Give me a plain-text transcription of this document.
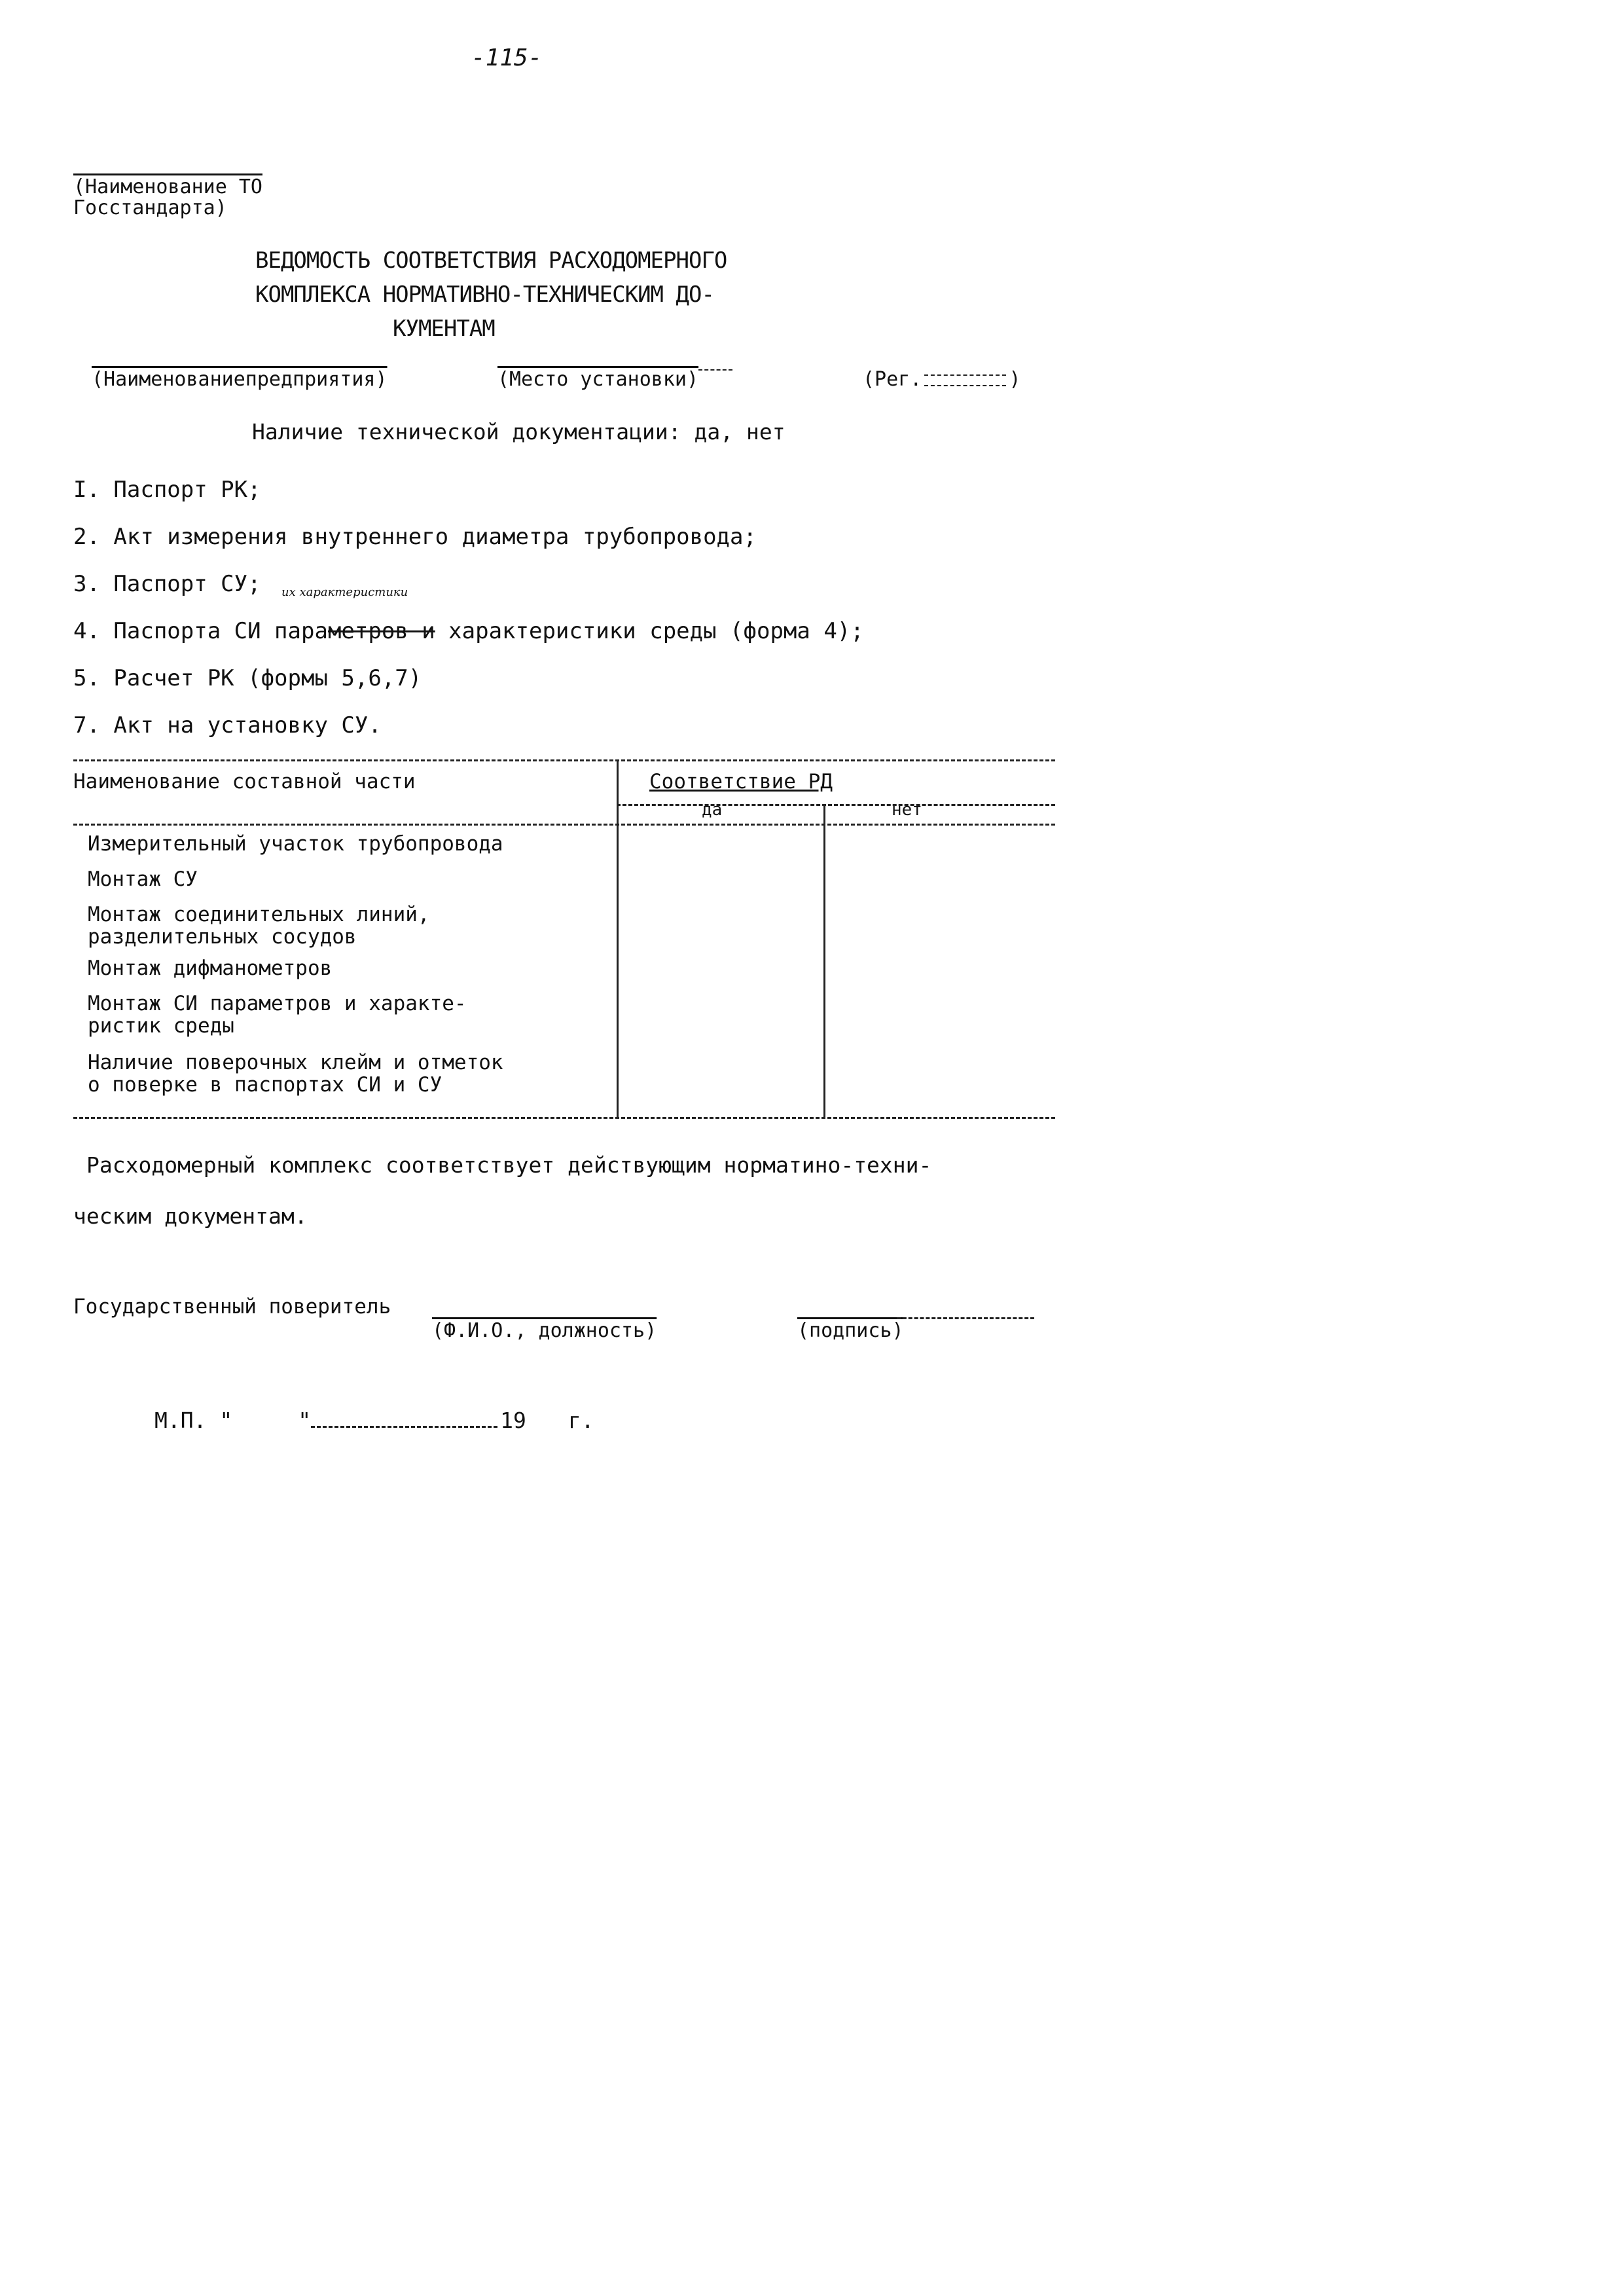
-115-
(Наименование ТО
Госстандарта)
ВЕДОМОСТЬ СООТВЕТСТВИЯ РАСХОДОМЕРНОГО
КОМПЛЕКСА НОРМАТИВНО-ТЕХНИЧЕСКИМ ДО-
КУМЕНТАМ
(Наименованиепредприятия)	(Место установки)	(Рег.	)
Наличие технической документации: да, нет
I. Паспорт РК;
2. Акт измерения внутреннего диаметра трубопровода;
3. Паспорт СУ;
4. Паспорта СИ параметров и характеристики среды (форма 4);
5. Расчет РК (формы 5,6,7)
7. Акт на установку СУ.
их характеристики
Наименование составной части	Соответствие РД
да	нет
Измерительный участок трубопровода
Монтаж СУ
Монтаж соединительных линий,
разделительных сосудов
Монтаж дифманометров
Монтаж СИ параметров и характе-
ристик среды
Наличие поверочных клейм и отметок
о поверке в паспортах СИ и СУ
Расходомерный комплекс соответствует действующим норматино-техни-
ческим документам.
Государственный поверитель
(Ф.И.О., должность)	(подпись)
М.П. "	"	19 г.
